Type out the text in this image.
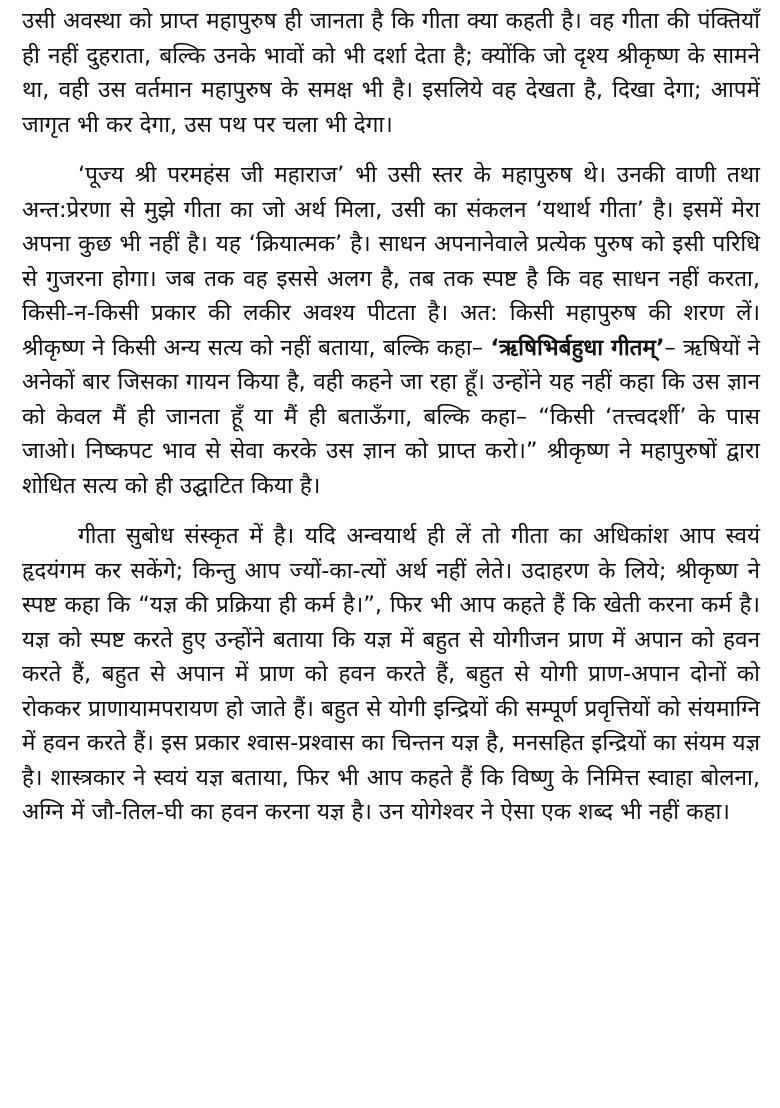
उसी अवस्था को प्राप्त महापुरुष ही जानता है कि गीता क्या कहती है। वह गीता की पंक्तियाँ ही नहीं दुहराता, बल्कि उनके भावों को भी दर्शा देता है; क्योंकि जो दृश्य श्रीकृष्ण के सामने था, वही उस वर्तमान महापुरुष के समक्ष भी है। इसलिये वह देखता है, दिखा देगा; आपमें जागृत भी कर देगा, उस पथ पर चला भी देगा।

‘पूज्य श्री परमहंस जी महाराज’ भी उसी स्तर के महापुरुष थे। उनकी वाणी तथा अन्त:प्रेरणा से मुझे गीता का जो अर्थ मिला, उसी का संकलन ‘यथार्थ गीता’ है। इसमें मेरा अपना कुछ भी नहीं है। यह ‘क्रियात्मक’ है। साधन अपनानेवाले प्रत्येक पुरुष को इसी परिधि से गुजरना होगा। जब तक वह इससे अलग है, तब तक स्पष्ट है कि वह साधन नहीं करता, किसी-न-किसी प्रकार की लकीर अवश्य पीटता है। अत: किसी महापुरुष की शरण लें। श्रीकृष्ण ने किसी अन्य सत्य को नहीं बताया, बल्कि कहा– ‘ऋषिभिर्बहुधा गीतम्’– ऋषियों ने अनेकों बार जिसका गायन किया है, वही कहने जा रहा हूँ। उन्होंने यह नहीं कहा कि उस ज्ञान को केवल मैं ही जानता हूँ या मैं ही बताऊँगा, बल्कि कहा– “किसी ‘तत्त्वदर्शी’ के पास जाओ। निष्कपट भाव से सेवा करके उस ज्ञान को प्राप्त करो।” श्रीकृष्ण ने महापुरुषों द्वारा शोधित सत्य को ही उद्घाटित किया है।

गीता सुबोध संस्कृत में है। यदि अन्वयार्थ ही लें तो गीता का अधिकांश आप स्वयं हृदयंगम कर सकेंगे; किन्तु आप ज्यों-का-त्यों अर्थ नहीं लेते। उदाहरण के लिये; श्रीकृष्ण ने स्पष्ट कहा कि “यज्ञ की प्रक्रिया ही कर्म है।”, फिर भी आप कहते हैं कि खेती करना कर्म है। यज्ञ को स्पष्ट करते हुए उन्होंने बताया कि यज्ञ में बहुत से योगीजन प्राण में अपान को हवन करते हैं, बहुत से अपान में प्राण को हवन करते हैं, बहुत से योगी प्राण-अपान दोनों को रोककर प्राणायामपरायण हो जाते हैं। बहुत से योगी इन्द्रियों की सम्पूर्ण प्रवृत्तियों को संयमाग्नि में हवन करते हैं। इस प्रकार श्वास-प्रश्वास का चिन्तन यज्ञ है, मनसहित इन्द्रियों का संयम यज्ञ है। शास्त्रकार ने स्वयं यज्ञ बताया, फिर भी आप कहते हैं कि विष्णु के निमित्त स्वाहा बोलना, अग्नि में जौ-तिल-घी का हवन करना यज्ञ है। उन योगेश्वर ने ऐसा एक शब्द भी नहीं कहा।
